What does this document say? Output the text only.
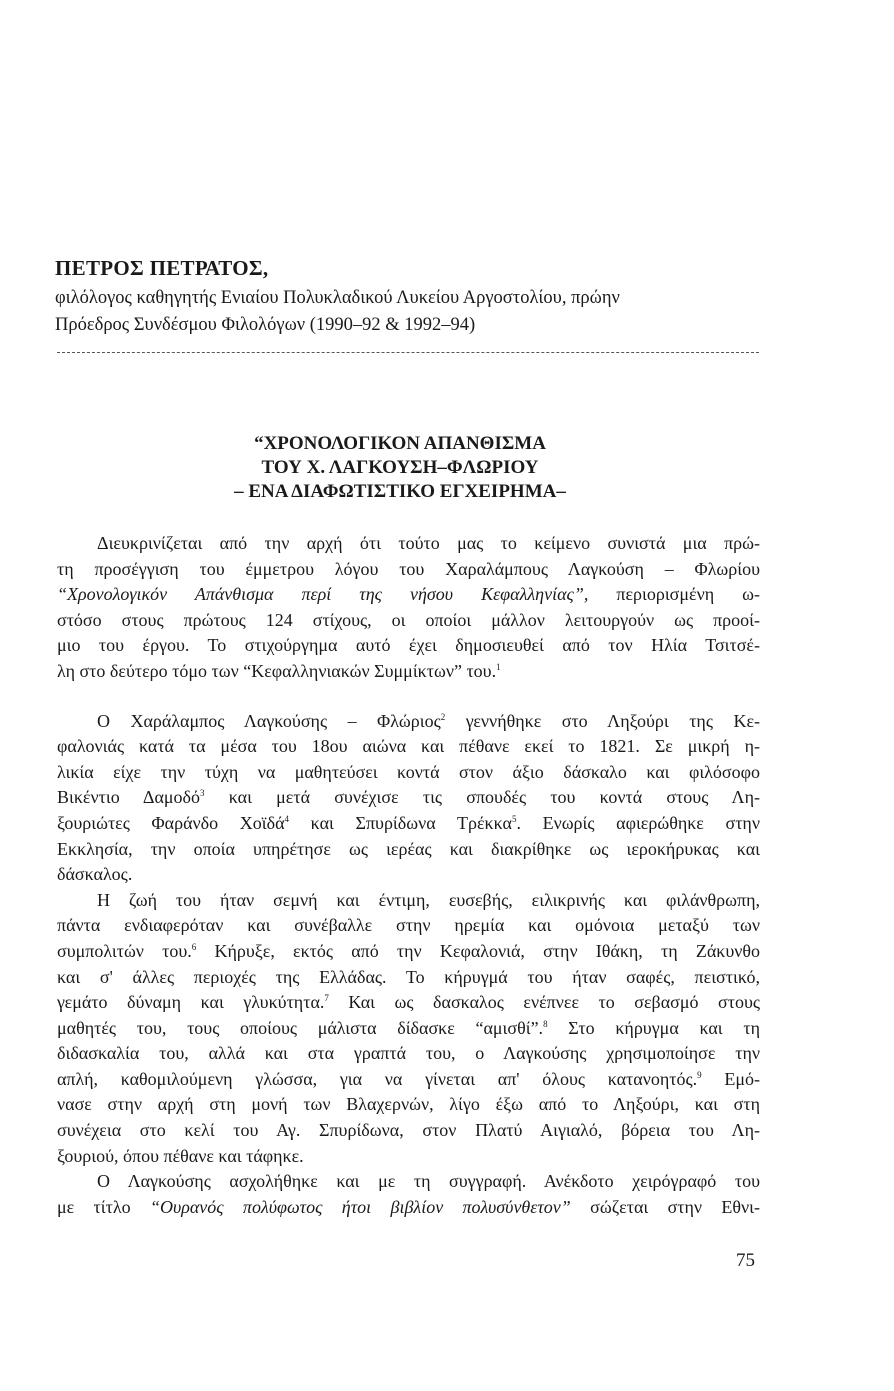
ΠΕΤΡΟΣ ΠΕΤΡΑΤΟΣ,
φιλόλογος καθηγητής Ενιαίου Πολυκλαδικού Λυκείου Αργοστολίου, πρώην
Πρόεδρος Συνδέσμου Φιλολόγων (1990–92 & 1992–94)
“ΧΡΟΝΟΛΟΓΙΚΟΝ ΑΠΑΝΘΙΣΜΑ
ΤΟΥ Χ. ΛΑΓΚΟΥΣΗ–ΦΛΩΡΙΟΥ
– ΕΝΑ ΔΙΑΦΩΤΙΣΤΙΚΟ ΕΓΧΕΙΡΗΜΑ–
Διευκρινίζεται από την αρχή ότι τούτο μας το κείμενο συνιστά μια πρώ-
τη προσέγγιση του έμμετρου λόγου του Χαραλάμπους Λαγκούση – Φλωρίου
“Χρονολογικόν Απάνθισμα περί της νήσου Κεφαλληνίας”, περιορισμένη ω-
στόσο στους πρώτους 124 στίχους, οι οποίοι μάλλον λειτουργούν ως προοί-
μιο του έργου. Το στιχούργημα αυτό έχει δημοσιευθεί από τον Ηλία Τσιτσέ-
λη στο δεύτερο τόμο των “Κεφαλληνιακών Συμμίκτων” του.$^1$
Ο Χαράλαμπος Λαγκούσης – Φλώριος$^2$ γεννήθηκε στο Ληξούρι της Κε-
φαλονιάς κατά τα μέσα του 18ου αιώνα και πέθανε εκεί το 1821. Σε μικρή η-
λικία είχε την τύχη να μαθητεύσει κοντά στον άξιο δάσκαλο και φιλόσοφο
Βικέντιο Δαμοδό$^3$ και μετά συνέχισε τις σπουδές του κοντά στους Λη-
ξουριώτες Φαράνδο Χοϊδά$^4$ και Σπυρίδωνα Τρέκκα$^5$. Ενωρίς αφιερώθηκε στην
Εκκλησία, την οποία υπηρέτησε ως ιερέας και διακρίθηκε ως ιεροκήρυκας και
δάσκαλος.
Η ζωή του ήταν σεμνή και έντιμη, ευσεβής, ειλικρινής και φιλάνθρωπη,
πάντα ενδιαφερόταν και συνέβαλλε στην ηρεμία και ομόνοια μεταξύ των
συμπολιτών του.$^6$ Κήρυξε, εκτός από την Κεφαλονιά, στην Ιθάκη, τη Ζάκυνθο
και σ' άλλες περιοχές της Ελλάδας. Το κήρυγμά του ήταν σαφές, πειστικό,
γεμάτο δύναμη και γλυκύτητα.$^7$ Και ως δασκαλος ενέπνεε το σεβασμό στους
μαθητές του, τους οποίους μάλιστα δίδασκε “αμισθί”.$^8$ Στο κήρυγμα και τη
διδασκαλία του, αλλά και στα γραπτά του, ο Λαγκούσης χρησιμοποίησε την
απλή, καθομιλούμενη γλώσσα, για να γίνεται απ' όλους κατανοητός.$^9$ Εμό-
νασε στην αρχή στη μονή των Βλαχερνών, λίγο έξω από το Ληξούρι, και στη
συνέχεια στο κελί του Αγ. Σπυρίδωνα, στον Πλατύ Αιγιαλό, βόρεια του Λη-
ξουριού, όπου πέθανε και τάφηκε.
Ο Λαγκούσης ασχολήθηκε και με τη συγγραφή. Ανέκδοτο χειρόγραφό του
με τίτλο “Ουρανός πολύφωτος ήτοι βιβλίον πολυσύνθετον” σώζεται στην Εθνι-
75
